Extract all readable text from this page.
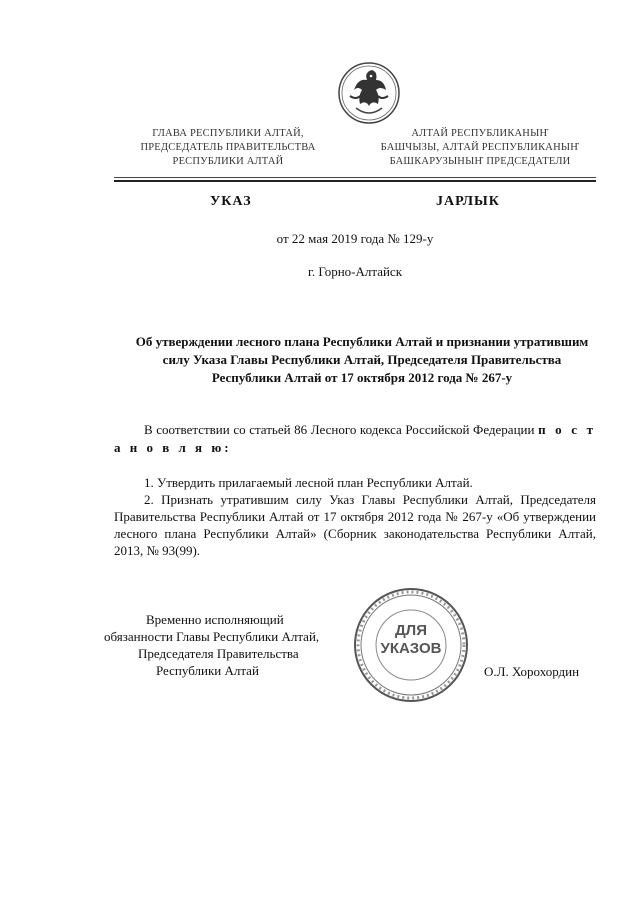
ГЛАВА РЕСПУБЛИКИ АЛТАЙ,
ПРЕДСЕДАТЕЛЬ ПРАВИТЕЛЬСТВА
РЕСПУБЛИКИ АЛТАЙ
АЛТАЙ РЕСПУБЛИКАНЫҤ
БАШЧЫЗЫ, АЛТАЙ РЕСПУБЛИКАНЫҤ
БАШКАРУЗЫНЫҤ ПРЕДСЕДАТЕЛИ
УКАЗ	JАРЛЫК
от 22 мая 2019 года № 129-у
г. Горно-Алтайск
Об утверждении лесного плана Республики Алтай и признании утратившим силу Указа Главы Республики Алтай, Председателя Правительства Республики Алтай от 17 октября 2012 года № 267-у
В соответствии со статьей 86 Лесного кодекса Российской Федерации п о с т а н о в л я ю:
1. Утвердить прилагаемый лесной план Республики Алтай.
2. Признать утратившим силу Указ Главы Республики Алтай, Председателя Правительства Республики Алтай от 17 октября 2012 года № 267-у «Об утверждении лесного плана Республики Алтай» (Сборник законодательства Республики Алтай, 2013, № 93(99).
Временно исполняющий
обязанности Главы Республики Алтай,
Председателя Правительства
Республики Алтай	О.Л. Хорохордин
ДЛЯ
УКАЗОВ
